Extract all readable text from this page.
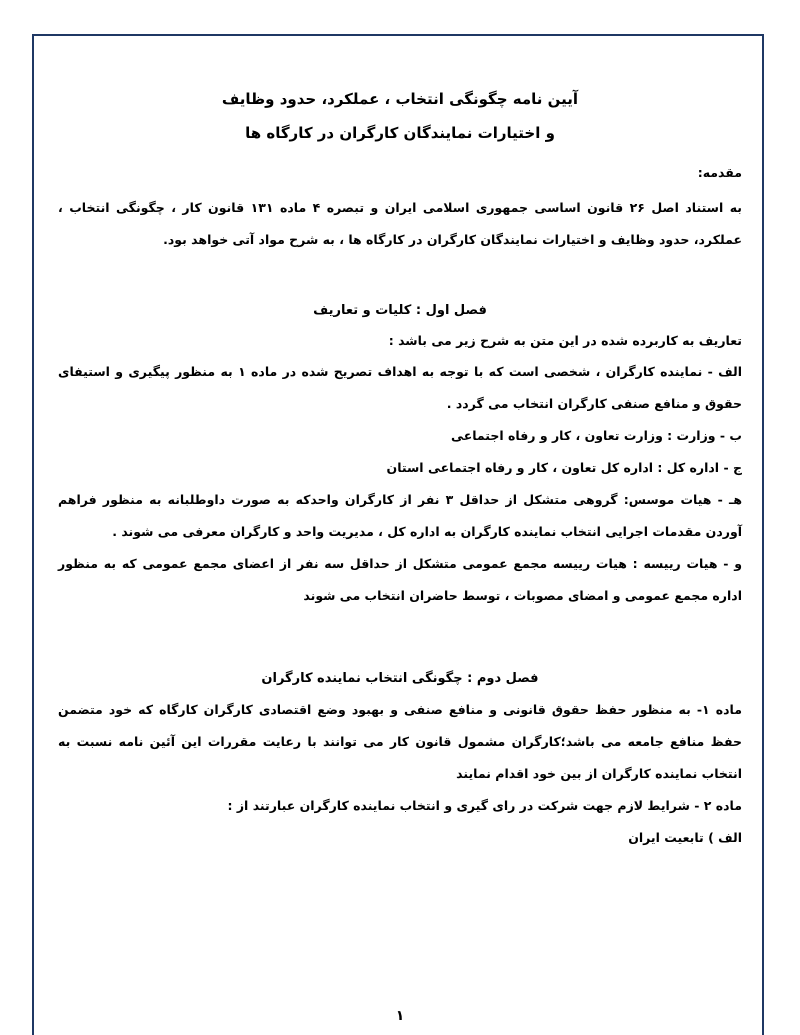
آیین نامه چگونگی انتخاب ، عملکرد، حدود وظایف
و اختیارات نمایندگان کارگران در کارگاه ها
مقدمه:
به استناد اصل ۲۶ قانون اساسی جمهوری اسلامی ایران و تبصره ۴ ماده ۱۳۱ قانون کار ، چگونگی انتخاب ، عملکرد، حدود وظایف و اختیارات نمایندگان کارگران در کارگاه ها ، به شرح مواد آتی خواهد بود.
فصل اول : کلیات و تعاریف
تعاریف به کاربرده شده در این متن به شرح زیر می باشد :
الف - نماینده کارگران ، شخصی است که با توجه به اهداف تصریح شده در ماده ۱ به منظور پیگیری و استیفای حقوق و منافع صنفی کارگران انتخاب می گردد .
ب - وزارت : وزارت تعاون ، کار و رفاه اجتماعی
ج - اداره کل : اداره کل تعاون ، کار و رفاه اجتماعی استان
هـ - هیات موسس: گروهی متشکل از حداقل ۳ نفر از کارگران واحدکه به صورت داوطلبانه به منظور فراهم آوردن مقدمات اجرایی انتخاب نماینده کارگران به اداره کل ، مدیریت واحد و کارگران معرفی می شوند .
و - هیات رییسه : هیات رییسه مجمع عمومی متشکل از حداقل سه نفر از اعضای مجمع عمومی که به منظور اداره مجمع عمومی و امضای مصوبات ، توسط حاضران انتخاب می شوند
فصل دوم : چگونگی انتخاب نماینده کارگران
ماده ۱- به منظور حفظ حقوق قانونی و منافع صنفی و بهبود وضع اقتصادی کارگران کارگاه که خود متضمن حفظ منافع جامعه می باشد؛کارگران مشمول قانون کار می توانند با رعایت مقررات این آئین نامه نسبت به انتخاب نماینده کارگران از بین خود اقدام نمایند
ماده ۲ - شرایط لازم جهت شرکت در رای گیری و انتخاب نماینده کارگران عبارتند از :
الف ) تابعیت ایران
۱
